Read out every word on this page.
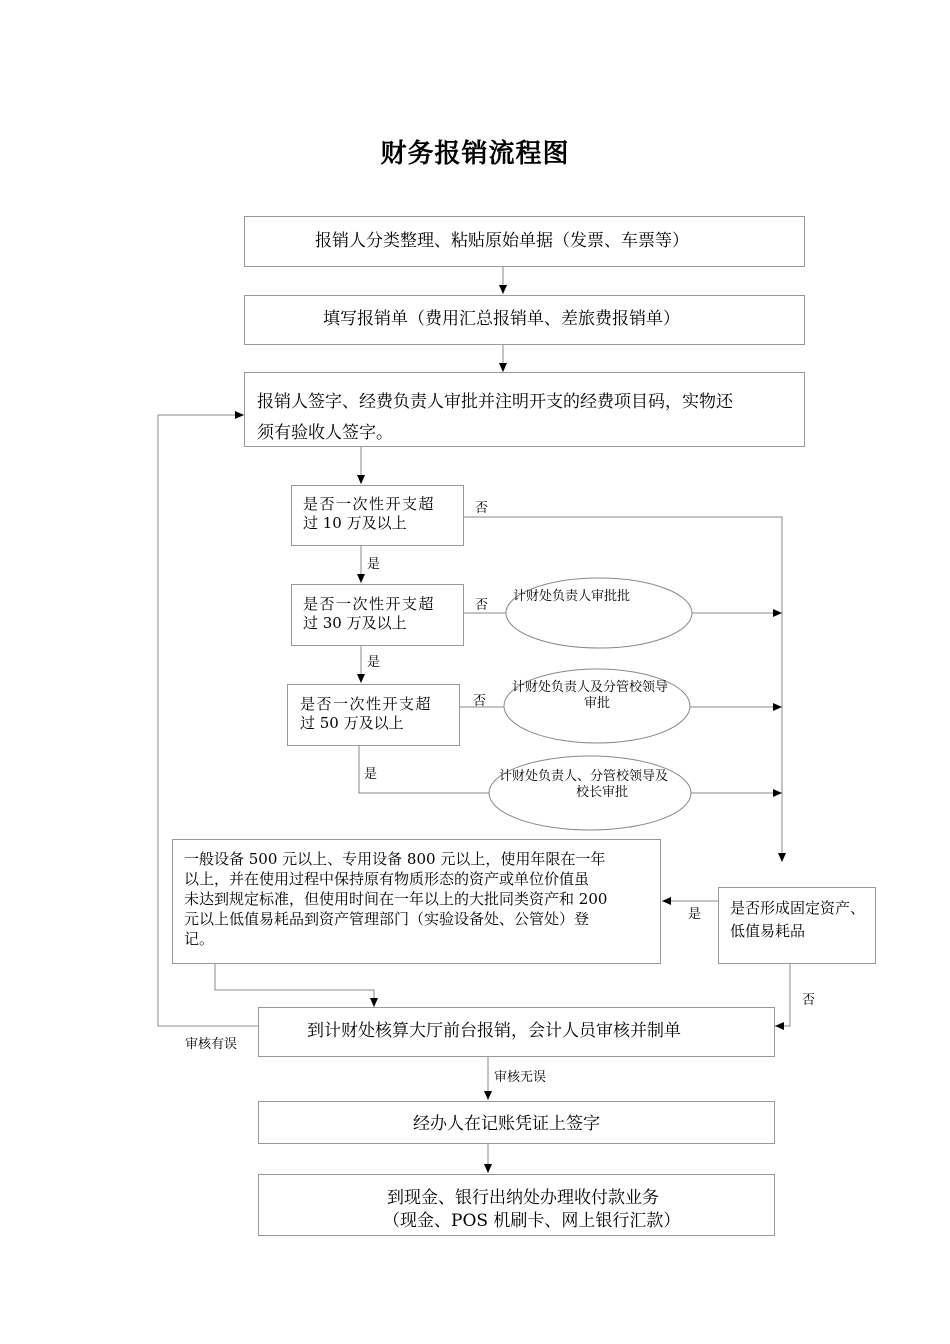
财务报销流程图
报销人分类整理、粘贴原始单据（发票、车票等）
填写报销单（费用汇总报销单、差旅费报销单）
报销人签字、经费负责人审批并注明开支的经费项目码，实物还
须有验收人签字。
是否一次性开支超
过 10 万及以上
是否一次性开支超
过 30 万及以上
是否一次性开支超
过 50 万及以上
计财处负责人审批批
计财处负责人及分管校领导
审批
计财处负责人、分管校领导及
校长审批
一般设备 500 元以上、专用设备 800 元以上，使用年限在一年
以上，并在使用过程中保持原有物质形态的资产或单位价值虽
未达到规定标准，但使用时间在一年以上的大批同类资产和 200
元以上低值易耗品到资产管理部门（实验设备处、公管处）登
记。
是否形成固定资产、
低值易耗品
到计财处核算大厅前台报销，会计人员审核并制单
经办人在记账凭证上签字
到现金、银行出纳处办理收付款业务
（现金、POS 机刷卡、网上银行汇款）
否
是
否
是
否
是
是
否
审核有误
审核无误
